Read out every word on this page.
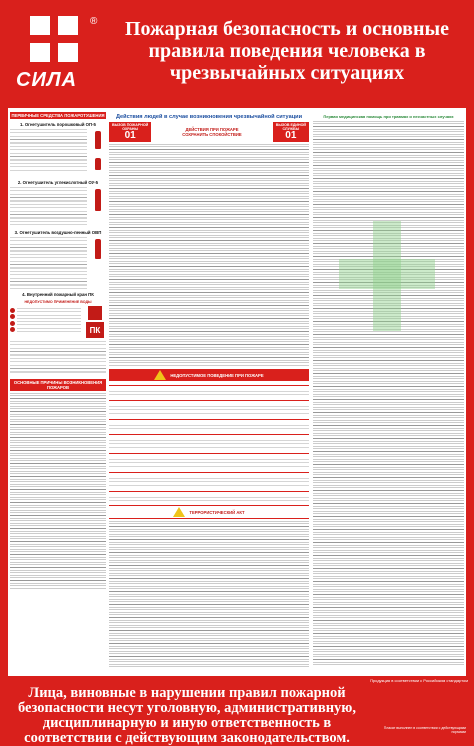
СИЛА
®	Пожарная безопасность и основные правила поведения человека в чрезвычайных ситуациях
ПЕРВИЧНЫЕ СРЕДСТВА ПОЖАРОТУШЕНИЯ
1. Огнетушитель порошковый ОП-5

2. Огнетушитель углекислотный ОУ-5
3. Огнетушитель воздушно-пенный ОВП
4. Внутренний пожарный кран ПК
НЕДОПУСТИМО ПРИМЕНЕНИЕ ВОДЫ
ПК
ОСНОВНЫЕ ПРИЧИНЫ ВОЗНИКНОВЕНИЯ ПОЖАРОВ
Действия людей в случае возникновения чрезвычайной ситуации
ВЫЗОВ ПОЖАРНОЙ
ОХРАНЫ
01
ДЕЙСТВИЯ ПРИ ПОЖАРЕ
СОХРАНИТЬ СПОКОЙСТВИЕ
ВЫЗОВ ЕДИНОЙ
СЛУЖБЫ
01
НЕДОПУСТИМОЕ ПОВЕДЕНИЕ ПРИ ПОЖАРЕ
ТЕРРОРИСТИЧЕСКИЙ АКТ
Первая медицинская помощь при травмах и несчастных случаях
Продукция в соответствии с Российским стандартом
Лица, виновные в нарушении правил пожарной безопасности несут уголовную, административную, дисциплинарную и иную ответственность в соответствии с действующим законодательством.
Плакат выполнен в соответствии с действующими нормами
